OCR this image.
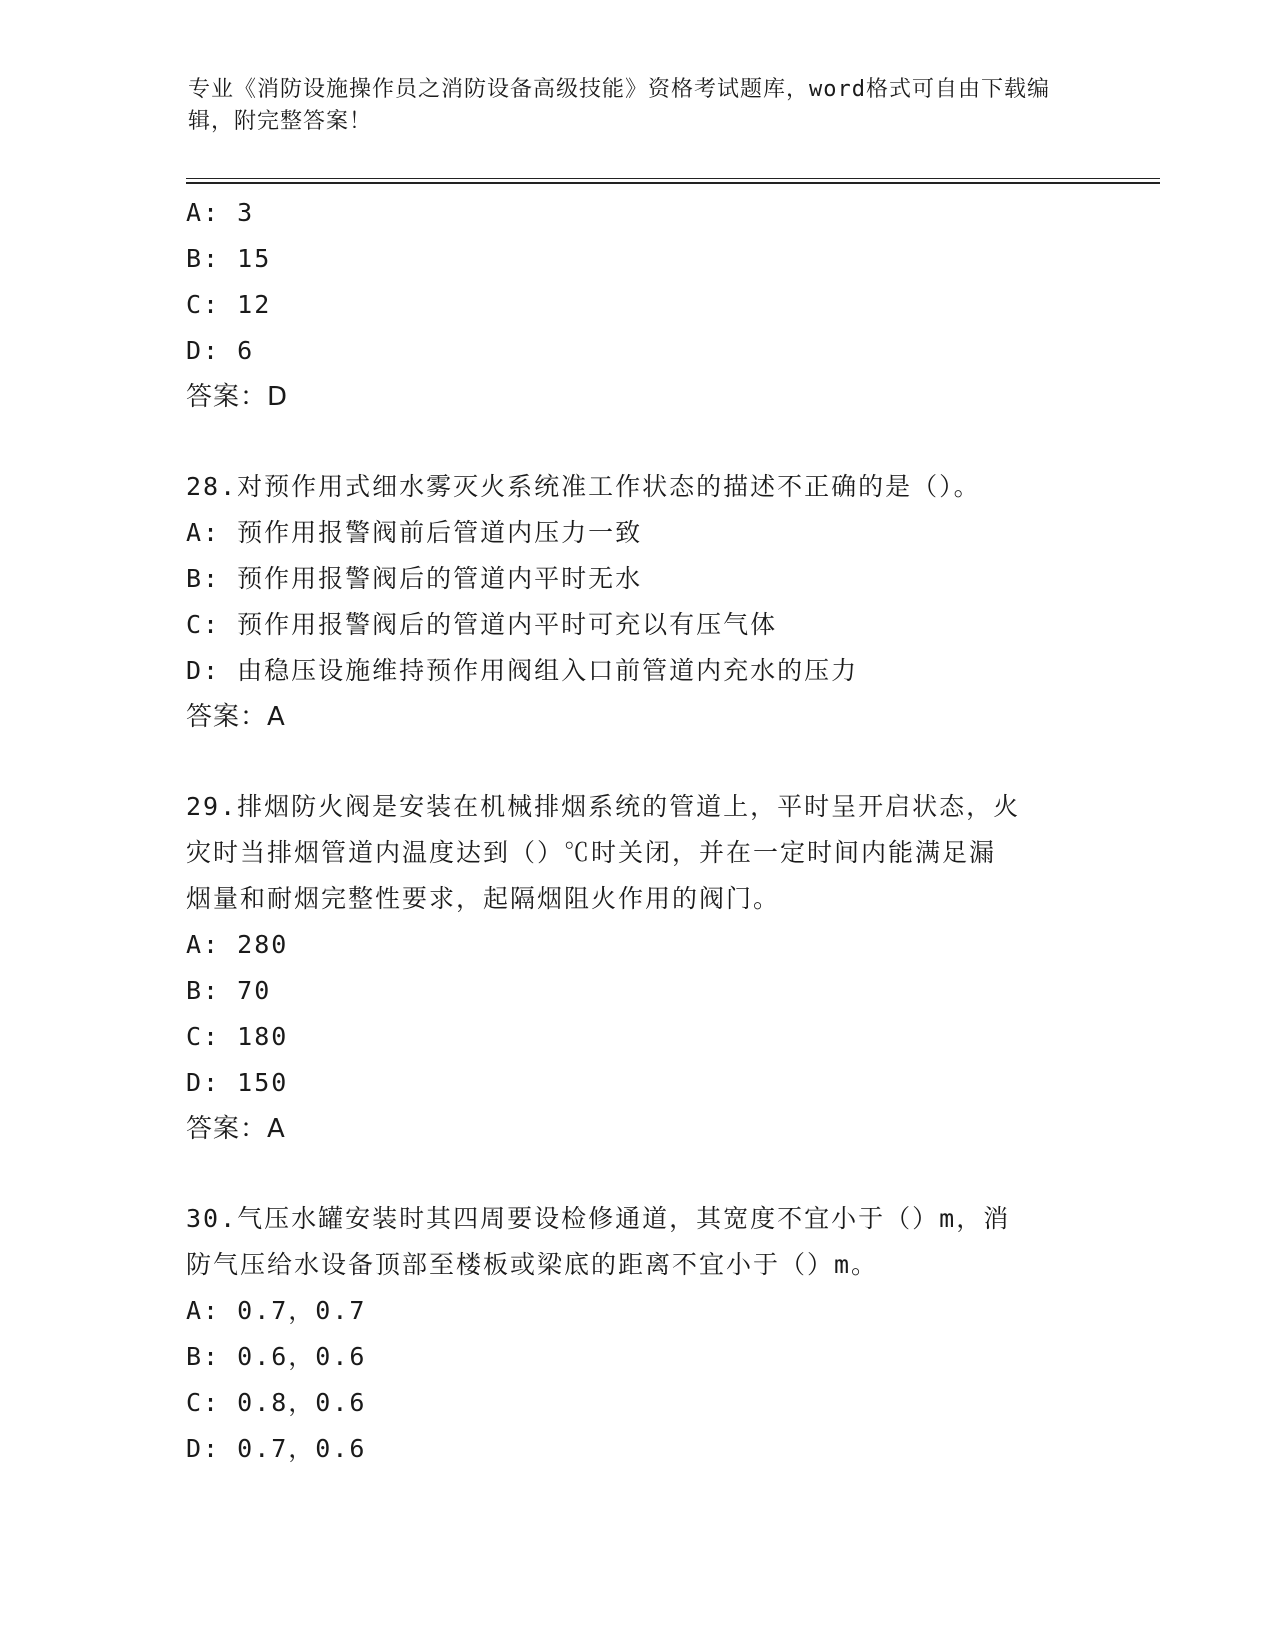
专业《消防设施操作员之消防设备高级技能》资格考试题库，word格式可自由下载编辑，附完整答案！
A: 3
B: 15
C: 12
D: 6
答案：D
28.对预作用式细水雾灭火系统准工作状态的描述不正确的是（）。
A: 预作用报警阀前后管道内压力一致
B: 预作用报警阀后的管道内平时无水
C: 预作用报警阀后的管道内平时可充以有压气体
D: 由稳压设施维持预作用阀组入口前管道内充水的压力
答案：A
29.排烟防火阀是安装在机械排烟系统的管道上，平时呈开启状态，火
灾时当排烟管道内温度达到（）℃时关闭，并在一定时间内能满足漏
烟量和耐烟完整性要求，起隔烟阻火作用的阀门。
A: 280
B: 70
C: 180
D: 150
答案：A
30.气压水罐安装时其四周要设检修通道，其宽度不宜小于（）m，消
防气压给水设备顶部至楼板或梁底的距离不宜小于（）m。
A: 0.7，0.7
B: 0.6，0.6
C: 0.8，0.6
D: 0.7，0.6
